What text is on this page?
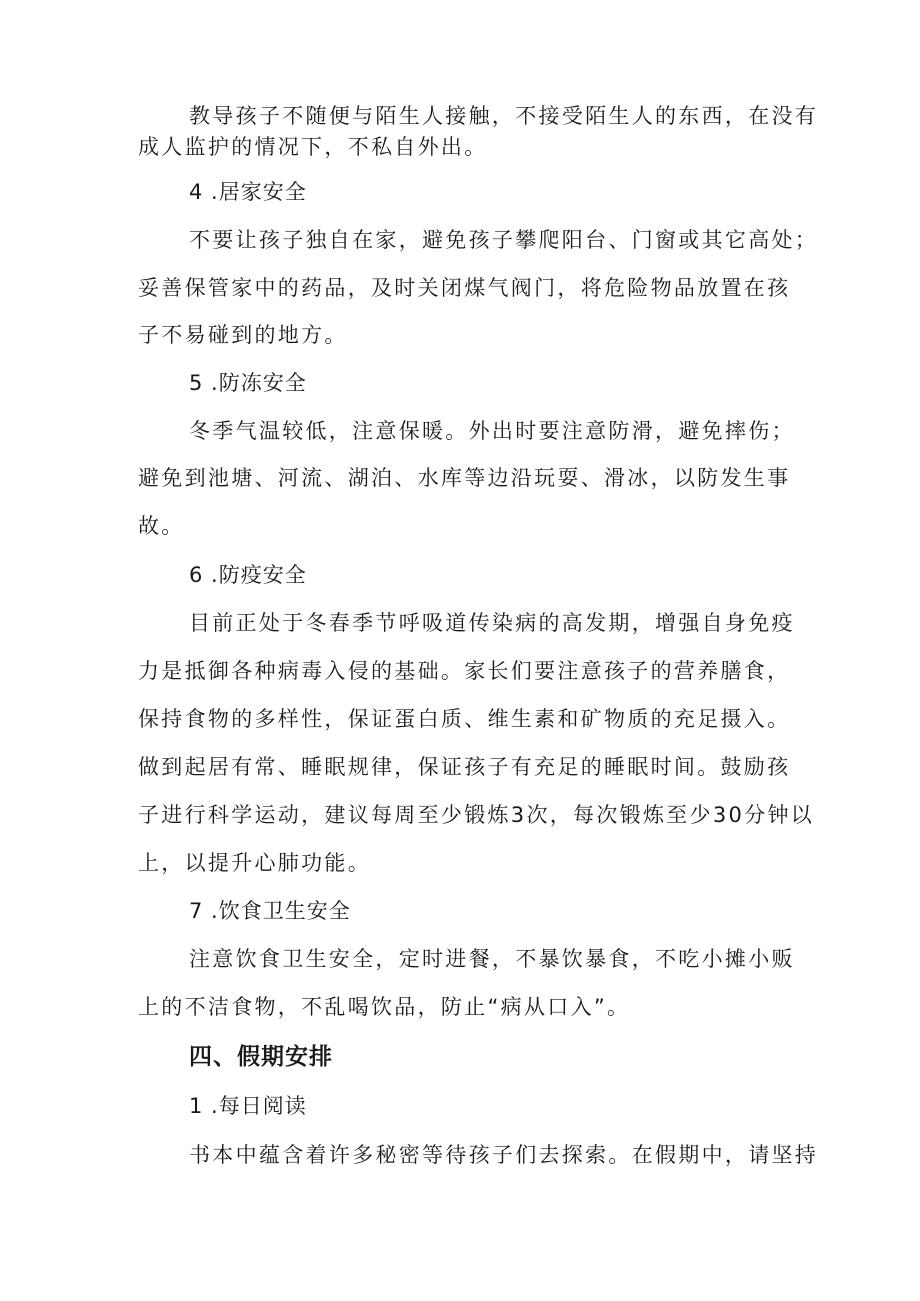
教导孩子不随便与陌生人接触，不接受陌生人的东西，在没有
成人监护的情况下，不私自外出。
4 .居家安全
不要让孩子独自在家，避免孩子攀爬阳台、门窗或其它高处；
妥善保管家中的药品，及时关闭煤气阀门，将危险物品放置在孩
子不易碰到的地方。
5 .防冻安全
冬季气温较低，注意保暖。外出时要注意防滑，避免摔伤；
避免到池塘、河流、湖泊、水库等边沿玩耍、滑冰，以防发生事
故。
6 .防疫安全
目前正处于冬春季节呼吸道传染病的高发期，增强自身免疫
力是抵御各种病毒入侵的基础。家长们要注意孩子的营养膳食，
保持食物的多样性，保证蛋白质、维生素和矿物质的充足摄入。
做到起居有常、睡眠规律，保证孩子有充足的睡眠时间。鼓励孩
子进行科学运动，建议每周至少锻炼3次，每次锻炼至少30分钟以
上，以提升心肺功能。
7 .饮食卫生安全
注意饮食卫生安全，定时进餐，不暴饮暴食，不吃小摊小贩
上的不洁食物，不乱喝饮品，防止“病从口入”。
四、假期安排
1 .每日阅读
书本中蕴含着许多秘密等待孩子们去探索。在假期中，请坚持
